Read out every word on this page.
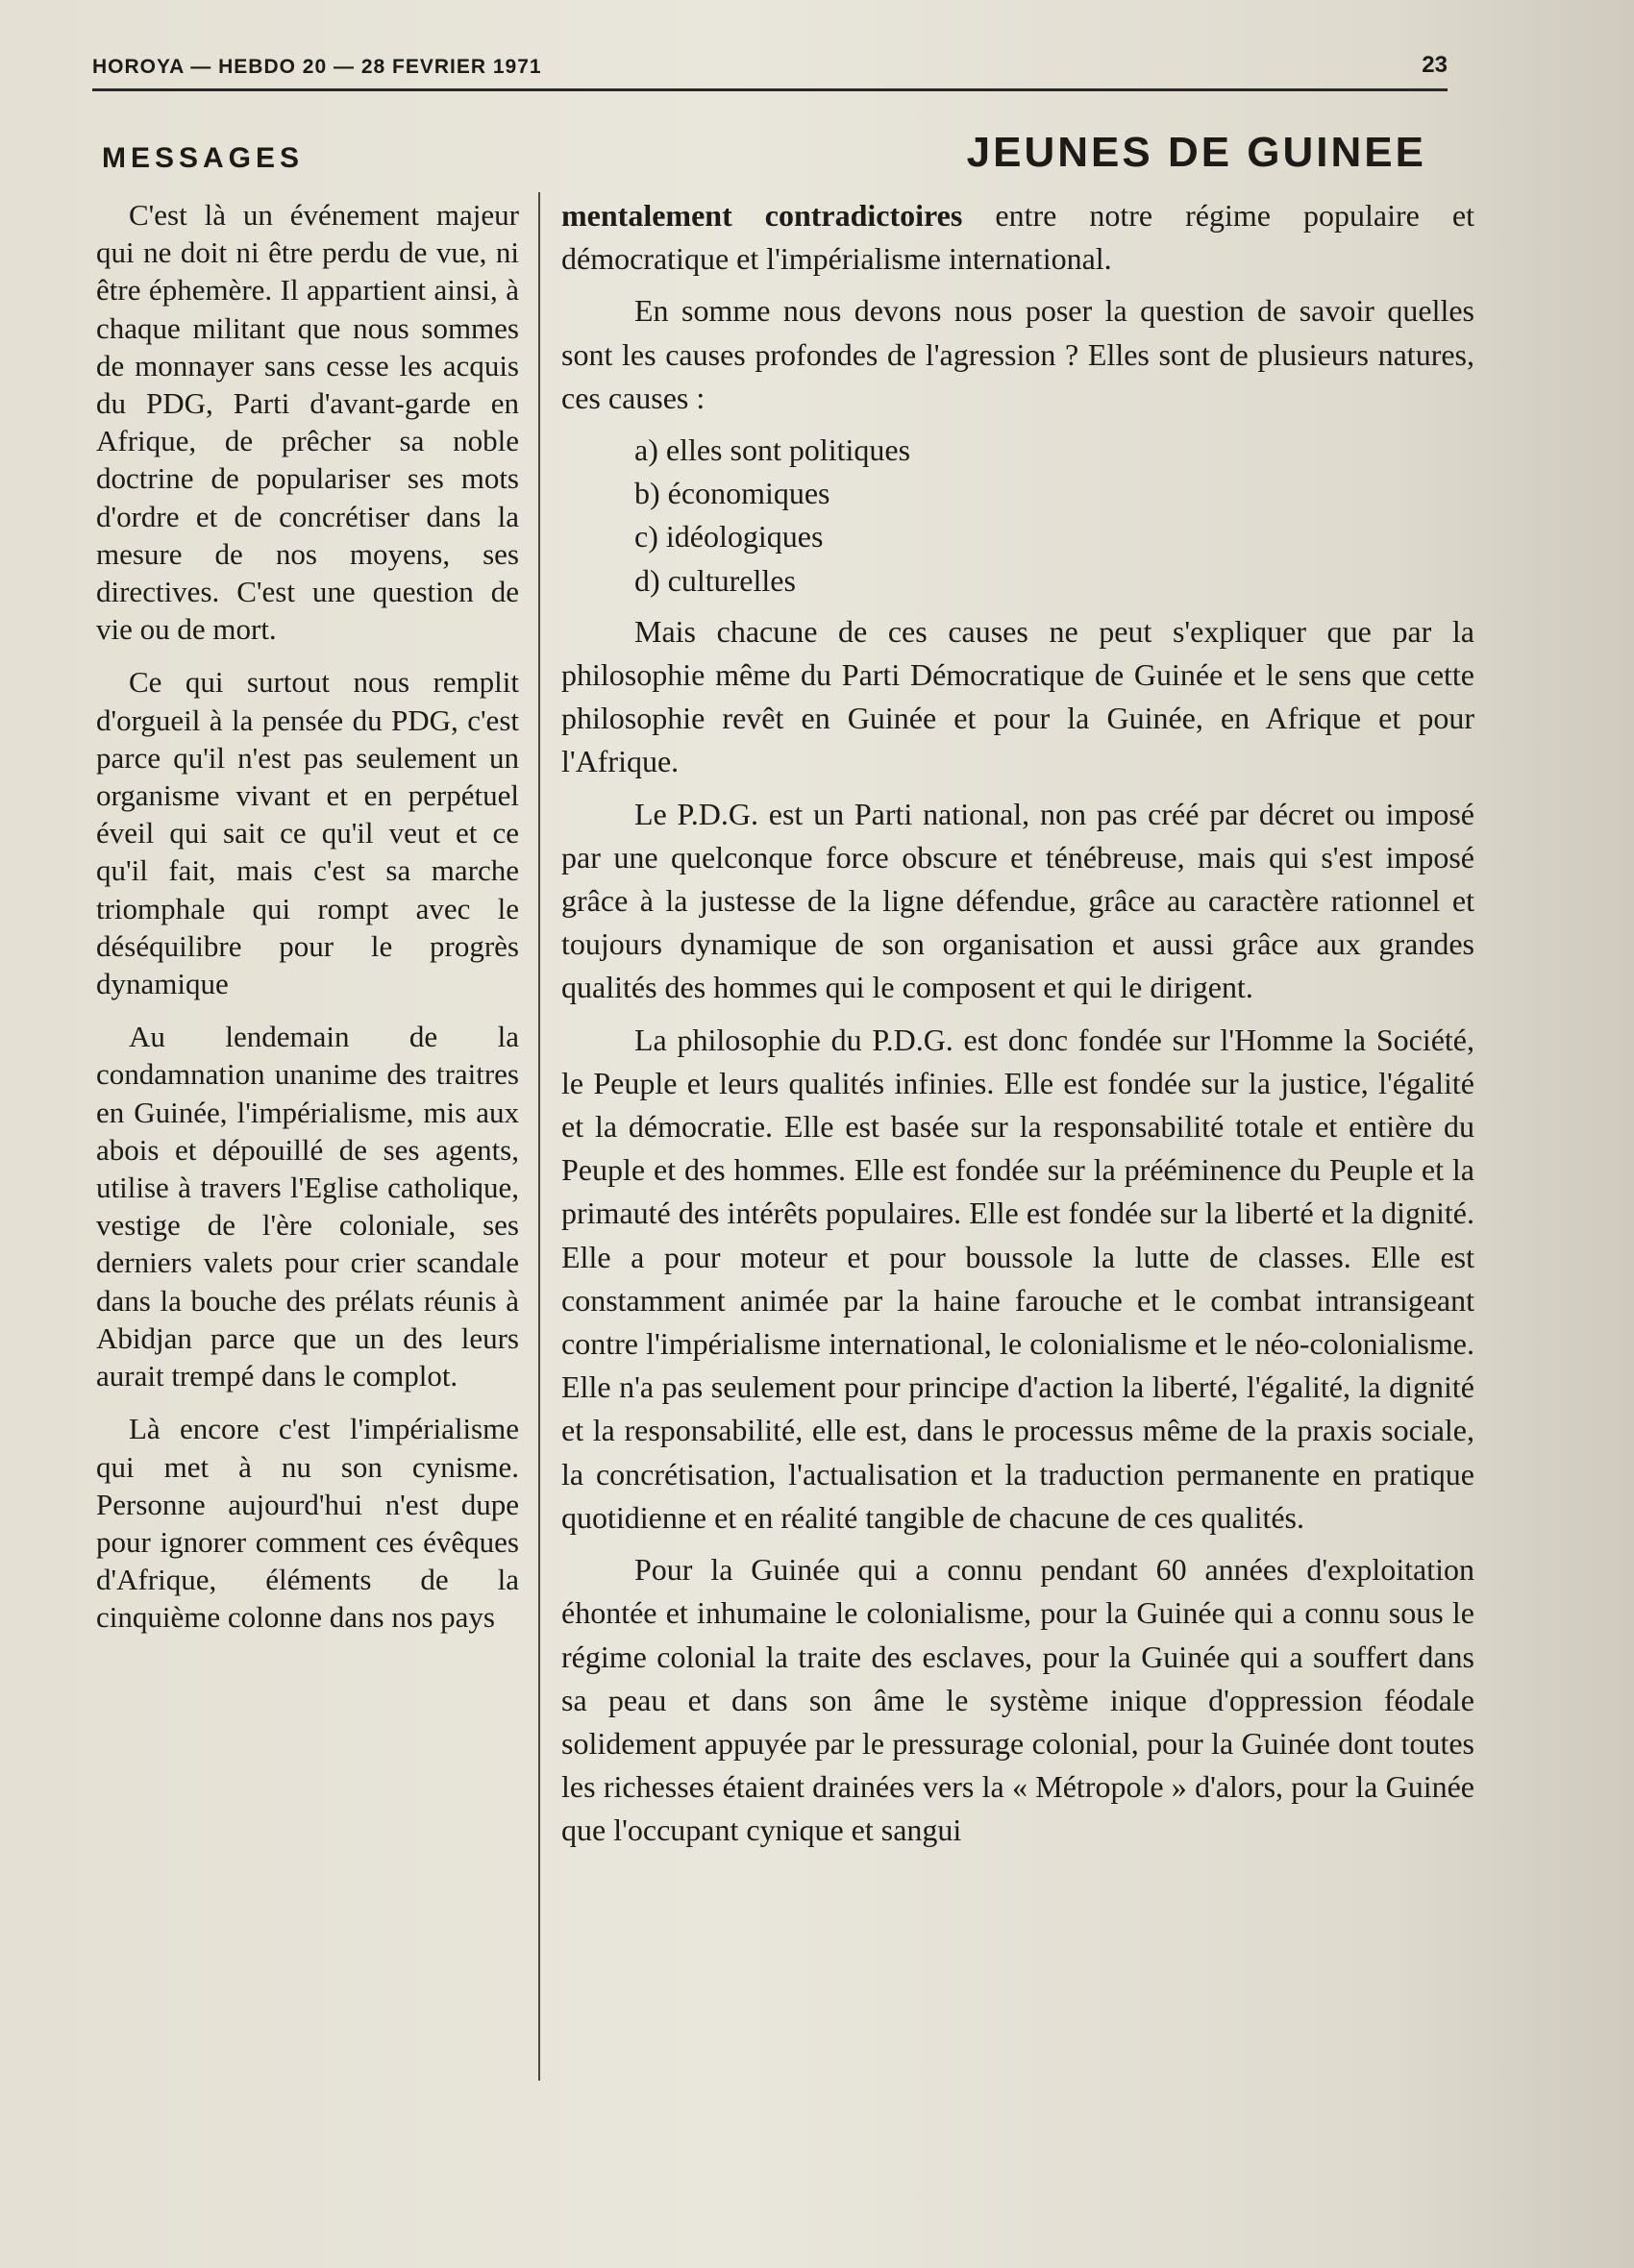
HOROYA — HEBDO 20 — 28 FEVRIER 1971	23
MESSAGES	JEUNES DE GUINEE

C'est là un événement majeur qui ne doit ni être perdu de vue, ni être éphemère. Il appartient ainsi, à chaque militant que nous sommes de monnayer sans cesse les acquis du PDG, Parti d'avant-garde en Afrique, de prêcher sa noble doctrine de populariser ses mots d'ordre et de concrétiser dans la mesure de nos moyens, ses directives. C'est une question de vie ou de mort.

Ce qui surtout nous remplit d'orgueil à la pensée du PDG, c'est parce qu'il n'est pas seulement un organisme vivant et en perpétuel éveil qui sait ce qu'il veut et ce qu'il fait, mais c'est sa marche triomphale qui rompt avec le déséquilibre pour le progrès dynamique

Au lendemain de la condamnation unanime des traitres en Guinée, l'impérialisme, mis aux abois et dépouillé de ses agents, utilise à travers l'Eglise catholique, vestige de l'ère coloniale, ses derniers valets pour crier scandale dans la bouche des prélats réunis à Abidjan parce que un des leurs aurait trempé dans le complot.

Là encore c'est l'impérialisme qui met à nu son cynisme. Personne aujourd'hui n'est dupe pour ignorer comment ces évêques d'Afrique, éléments de la cinquième colonne dans nos pays

mentalement contradictoires entre notre régime populaire et démocratique et l'impérialisme international.

En somme nous devons nous poser la question de savoir quelles sont les causes profondes de l'agression ? Elles sont de plusieurs natures, ces causes :

a) elles sont politiques
b) économiques
c) idéologiques
d) culturelles

Mais chacune de ces causes ne peut s'expliquer que par la philosophie même du Parti Démocratique de Guinée et le sens que cette philosophie revêt en Guinée et pour la Guinée, en Afrique et pour l'Afrique.

Le P.D.G. est un Parti national, non pas créé par décret ou imposé par une quelconque force obscure et ténébreuse, mais qui s'est imposé grâce à la justesse de la ligne défendue, grâce au caractère rationnel et toujours dynamique de son organisation et aussi grâce aux grandes qualités des hommes qui le composent et qui le dirigent.

La philosophie du P.D.G. est donc fondée sur l'Homme la Société, le Peuple et leurs qualités infinies. Elle est fondée sur la justice, l'égalité et la démocratie. Elle est basée sur la responsabilité totale et entière du Peuple et des hommes. Elle est fondée sur la prééminence du Peuple et la primauté des intérêts populaires. Elle est fondée sur la liberté et la dignité. Elle a pour moteur et pour boussole la lutte de classes. Elle est constamment animée par la haine farouche et le combat intransigeant contre l'impérialisme international, le colonialisme et le néo-colonialisme. Elle n'a pas seulement pour principe d'action la liberté, l'égalité, la dignité et la responsabilité, elle est, dans le processus même de la praxis sociale, la concrétisation, l'actualisation et la traduction permanente en pratique quotidienne et en réalité tangible de chacune de ces qualités.

Pour la Guinée qui a connu pendant 60 années d'exploitation éhontée et inhumaine le colonialisme, pour la Guinée qui a connu sous le régime colonial la traite des esclaves, pour la Guinée qui a souffert dans sa peau et dans son âme le système inique d'oppression féodale solidement appuyée par le pressurage colonial, pour la Guinée dont toutes les richesses étaient drainées vers la « Métropole » d'alors, pour la Guinée que l'occupant cynique et sangui
